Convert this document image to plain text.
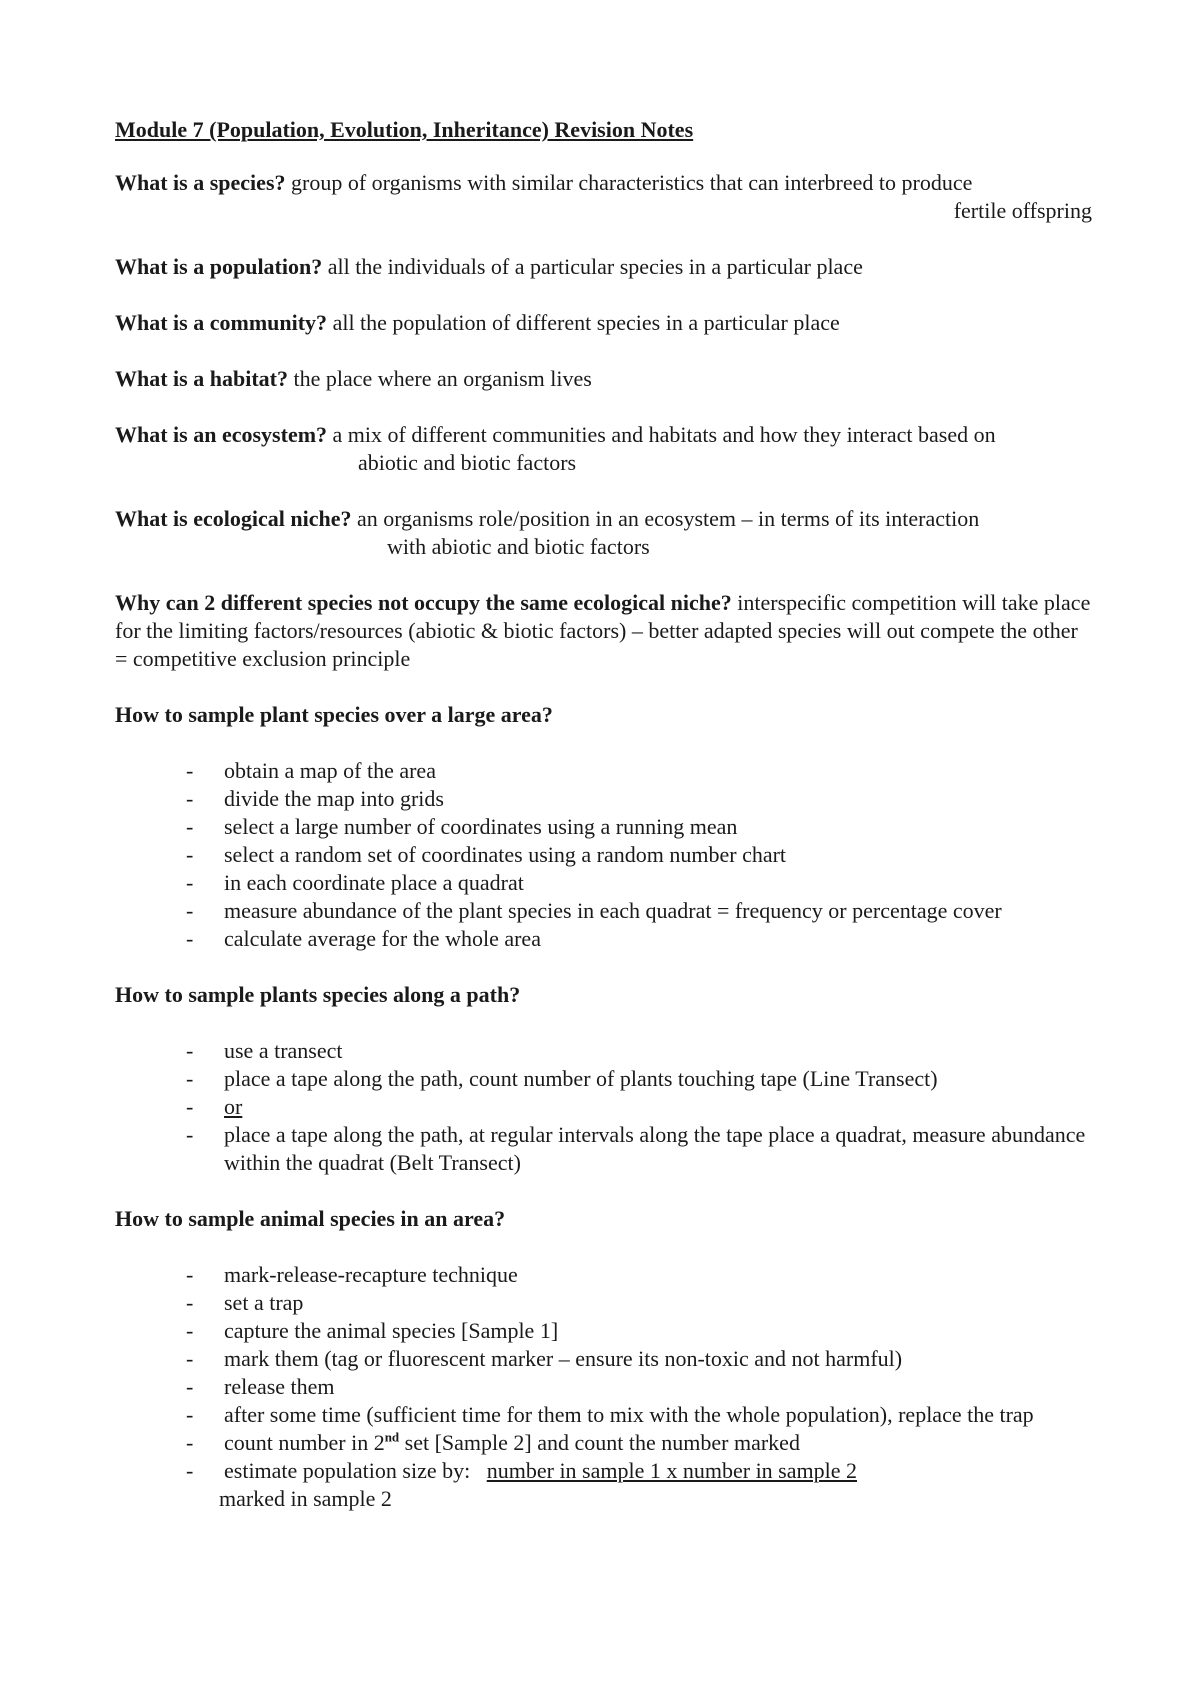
Module 7 (Population, Evolution, Inheritance) Revision Notes
What is a species? group of organisms with similar characteristics that can interbreed to produce
fertile offspring
What is a population? all the individuals of a particular species in a particular place
What is a community? all the population of different species in a particular place
What is a habitat? the place where an organism lives
What is an ecosystem? a mix of different communities and habitats and how they interact based on
abiotic and biotic factors
What is ecological niche? an organisms role/position in an ecosystem – in terms of its interaction
with abiotic and biotic factors
Why can 2 different species not occupy the same ecological niche? interspecific competition will take place for the limiting factors/resources (abiotic & biotic factors) – better adapted species will out compete the other = competitive exclusion principle
How to sample plant species over a large area?
- obtain a map of the area
- divide the map into grids
- select a large number of coordinates using a running mean
- select a random set of coordinates using a random number chart
- in each coordinate place a quadrat
- measure abundance of the plant species in each quadrat = frequency or percentage cover
- calculate average for the whole area
How to sample plants species along a path?
- use a transect
- place a tape along the path, count number of plants touching tape (Line Transect)
- or
- place a tape along the path, at regular intervals along the tape place a quadrat, measure abundance within the quadrat (Belt Transect)
How to sample animal species in an area?
- mark-release-recapture technique
- set a trap
- capture the animal species [Sample 1]
- mark them (tag or fluorescent marker – ensure its non-toxic and not harmful)
- release them
- after some time (sufficient time for them to mix with the whole population), replace the trap
- count number in 2nd set [Sample 2] and count the number marked
- estimate population size by:   number in sample 1 x number in sample 2
marked in sample 2
